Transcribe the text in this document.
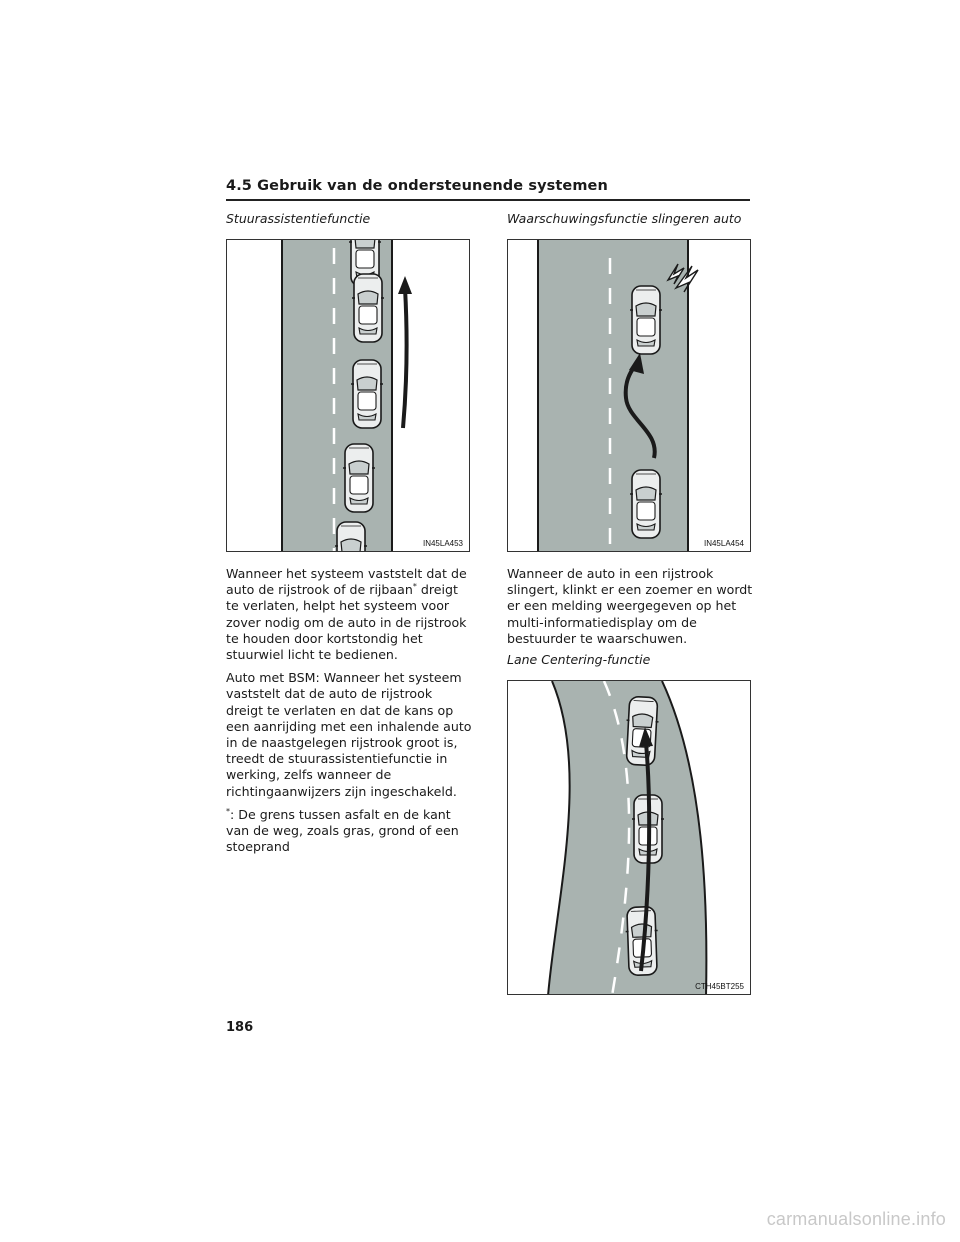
4.5 Gebruik van de ondersteunende systemen
Stuurassistentiefunctie
IN45LA453

Wanneer het systeem vaststelt dat de auto de rijstrook of de rijbaan* dreigt te verlaten, helpt het systeem voor zover nodig om de auto in de rijstrook te houden door kortstondig het stuurwiel licht te bedienen.

Auto met BSM: Wanneer het systeem vaststelt dat de auto de rijstrook dreigt te verlaten en dat de kans op een aanrijding met een inhalende auto in de naastgelegen rijstrook groot is, treedt de stuurassistentiefunctie in werking, zelfs wanneer de richtingaanwijzers zijn ingeschakeld.

*: De grens tussen asfalt en de kant van de weg, zoals gras, grond of een stoeprand

Waarschuwingsfunctie slingeren auto
IN45LA454

Wanneer de auto in een rijstrook slingert, klinkt er een zoemer en wordt er een melding weergegeven op het multi-informatiedisplay om de bestuurder te waarschuwen.

Lane Centering-functie
CTH45BT255
186
carmanualsonline.info
